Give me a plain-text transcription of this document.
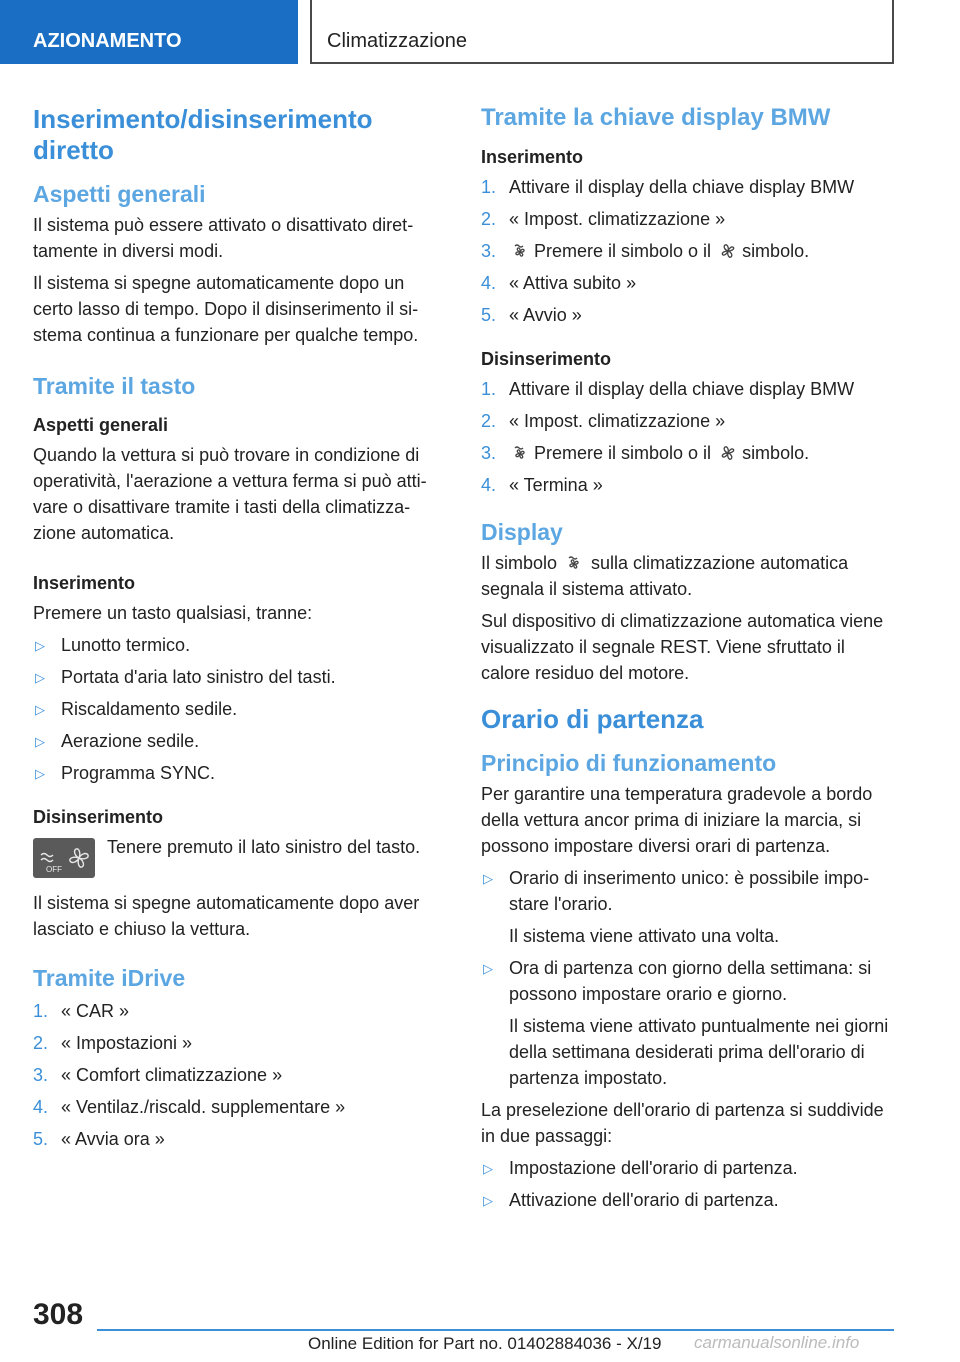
AZIONAMENTO	Climatizzazione
Inserimento/disinserimento diretto
Aspetti generali

Il sistema può essere attivato o disattivato direttamente in diversi modi.

Il sistema si spegne automaticamente dopo un certo lasso di tempo. Dopo il disinserimento il sistema continua a funzionare per qualche tempo.

Tramite il tasto
Aspetti generali

Quando la vettura si può trovare in condizione di operatività, l'aerazione a vettura ferma si può attivare o disattivare tramite i tasti della climatizzazione automatica.

Inserimento

Premere un tasto qualsiasi, tranne:

▷ Lunotto termico.
▷ Portata d'aria lato sinistro del tasti.
▷ Riscaldamento sedile.
▷ Aerazione sedile.
▷ Programma SYNC.
Disinserimento
OFF

Tenere premuto il lato sinistro del tasto.

Il sistema si spegne automaticamente dopo aver lasciato e chiuso la vettura.

Tramite iDrive
1. « CAR »
2. « Impostazioni »
3. « Comfort climatizzazione »
4. « Ventilaz./riscald. supplementare »
5. « Avvia ora »
Tramite la chiave display BMW
Inserimento
1. Attivare il display della chiave display BMW
2. « Impost. climatizzazione »
3. Premere il simbolo o il simbolo.
4. « Attiva subito »
5. « Avvio »
Disinserimento
1. Attivare il display della chiave display BMW
2. « Impost. climatizzazione »
3. Premere il simbolo o il simbolo.
4. « Termina »
Display

Il simbolo sulla climatizzazione automatica segnala il sistema attivato.

Sul dispositivo di climatizzazione automatica viene visualizzato il segnale REST. Viene sfruttato il calore residuo del motore.

Orario di partenza
Principio di funzionamento

Per garantire una temperatura gradevole a bordo della vettura ancor prima di iniziare la marcia, si possono impostare diversi orari di partenza.

▷ Orario di inserimento unico: è possibile impostare l'orario.

Il sistema viene attivato una volta.

▷ Ora di partenza con giorno della settimana: si possono impostare orario e giorno.

Il sistema viene attivato puntualmente nei giorni della settimana desiderati prima dell'orario di partenza impostato.

La preselezione dell'orario di partenza si suddivide in due passaggi:

▷ Impostazione dell'orario di partenza.
▷ Attivazione dell'orario di partenza.
308
Online Edition for Part no. 01402884036 - X/19 carmanualsonline.info
